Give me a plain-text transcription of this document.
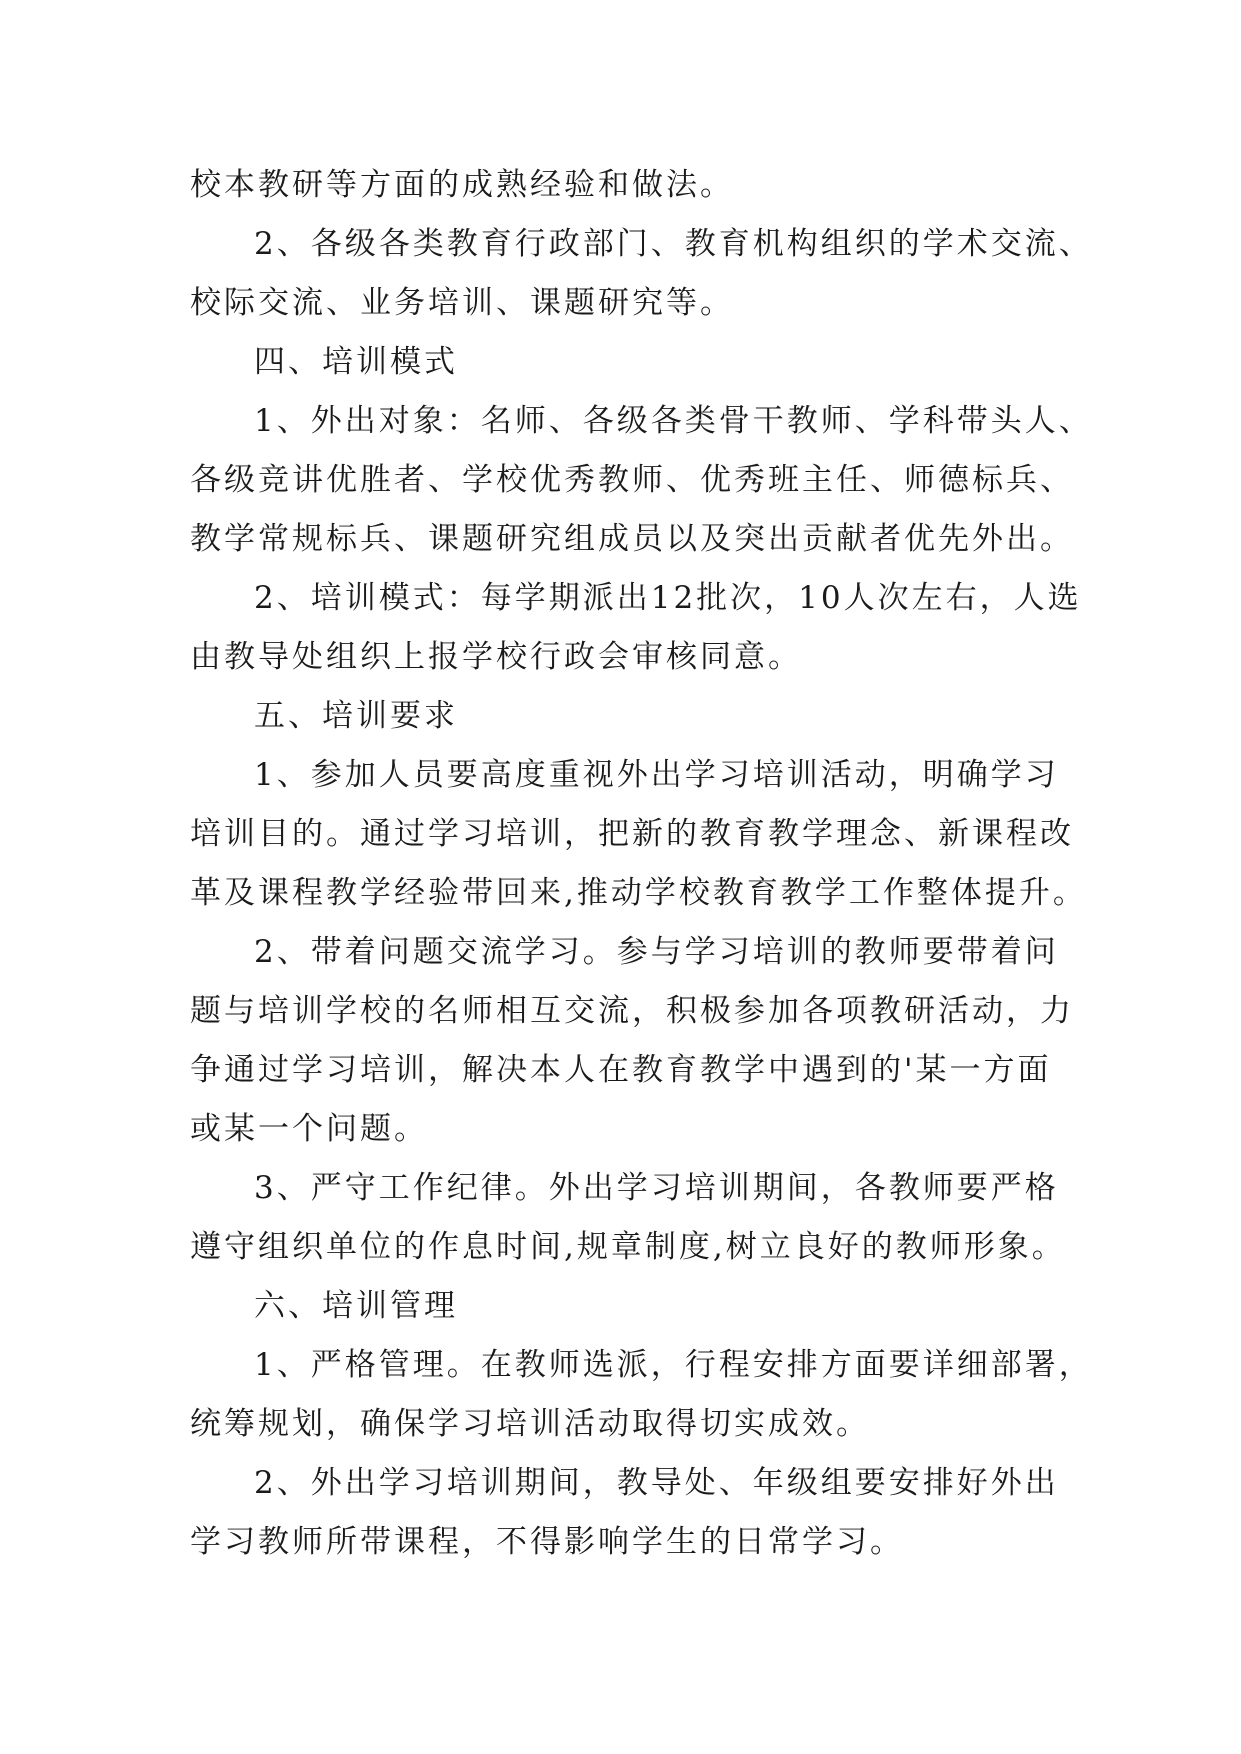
校本教研等方面的成熟经验和做法。
2、各级各类教育行政部门、教育机构组织的学术交流、
校际交流、业务培训、课题研究等。
四、培训模式
1、外出对象：名师、各级各类骨干教师、学科带头人、
各级竞讲优胜者、学校优秀教师、优秀班主任、师德标兵、
教学常规标兵、课题研究组成员以及突出贡献者优先外出。
2、培训模式：每学期派出12批次，10人次左右，人选
由教导处组织上报学校行政会审核同意。
五、培训要求
1、参加人员要高度重视外出学习培训活动，明确学习
培训目的。通过学习培训，把新的教育教学理念、新课程改
革及课程教学经验带回来,推动学校教育教学工作整体提升。
2、带着问题交流学习。参与学习培训的教师要带着问
题与培训学校的名师相互交流，积极参加各项教研活动，力
争通过学习培训，解决本人在教育教学中遇到的'某一方面
或某一个问题。
3、严守工作纪律。外出学习培训期间，各教师要严格
遵守组织单位的作息时间,规章制度,树立良好的教师形象。
六、培训管理
1、严格管理。在教师选派，行程安排方面要详细部署，
统筹规划，确保学习培训活动取得切实成效。
2、外出学习培训期间，教导处、年级组要安排好外出
学习教师所带课程，不得影响学生的日常学习。
